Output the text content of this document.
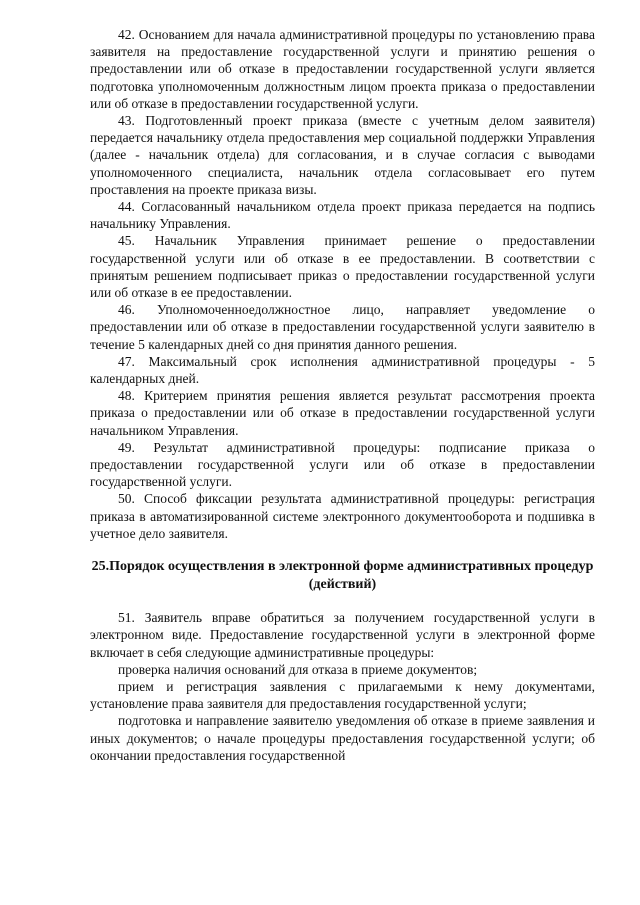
42. Основанием для начала административной процедуры по установлению права заявителя на предоставление государственной услуги и принятию решения о предоставлении или об отказе в предоставлении государственной услуги является подготовка уполномоченным должностным лицом проекта приказа о предоставлении или об отказе в предоставлении государственной услуги.

43. Подготовленный проект приказа (вместе с учетным делом заявителя) передается начальнику отдела предоставления мер социальной поддержки Управления (далее - начальник отдела) для согласования, и в случае согласия с выводами уполномоченного специалиста, начальник отдела согласовывает его путем проставления на проекте приказа визы.

44. Согласованный начальником отдела проект приказа передается на подпись начальнику Управления.

45. Начальник Управления принимает решение о предоставлении государственной услуги или об отказе в ее предоставлении. В соответствии с принятым решением подписывает приказ о предоставлении государственной услуги или об отказе в ее предоставлении.

46. Уполномоченноедолжностное лицо, направляет уведомление о предоставлении или об отказе в предоставлении государственной услуги заявителю в течение 5 календарных дней со дня принятия данного решения.

47. Максимальный срок исполнения административной процедуры - 5 календарных дней.

48. Критерием принятия решения является результат рассмотрения проекта приказа о предоставлении или об отказе в предоставлении государственной услуги начальником Управления.

49. Результат административной процедуры: подписание приказа о предоставлении государственной услуги или об отказе в предоставлении государственной услуги.

50. Способ фиксации результата административной процедуры: регистрация приказа в автоматизированной системе электронного документооборота и подшивка в учетное дело заявителя.

25.Порядок осуществления в электронной форме административных процедур (действий)

51. Заявитель вправе обратиться за получением государственной услуги в электронном виде. Предоставление государственной услуги в электронной форме включает в себя следующие административные процедуры:

проверка наличия оснований для отказа в приеме документов;

прием и регистрация заявления с прилагаемыми к нему документами, установление права заявителя для предоставления государственной услуги;

подготовка и направление заявителю уведомления об отказе в приеме заявления и иных документов; о начале процедуры предоставления государственной услуги; об окончании предоставления государственной
